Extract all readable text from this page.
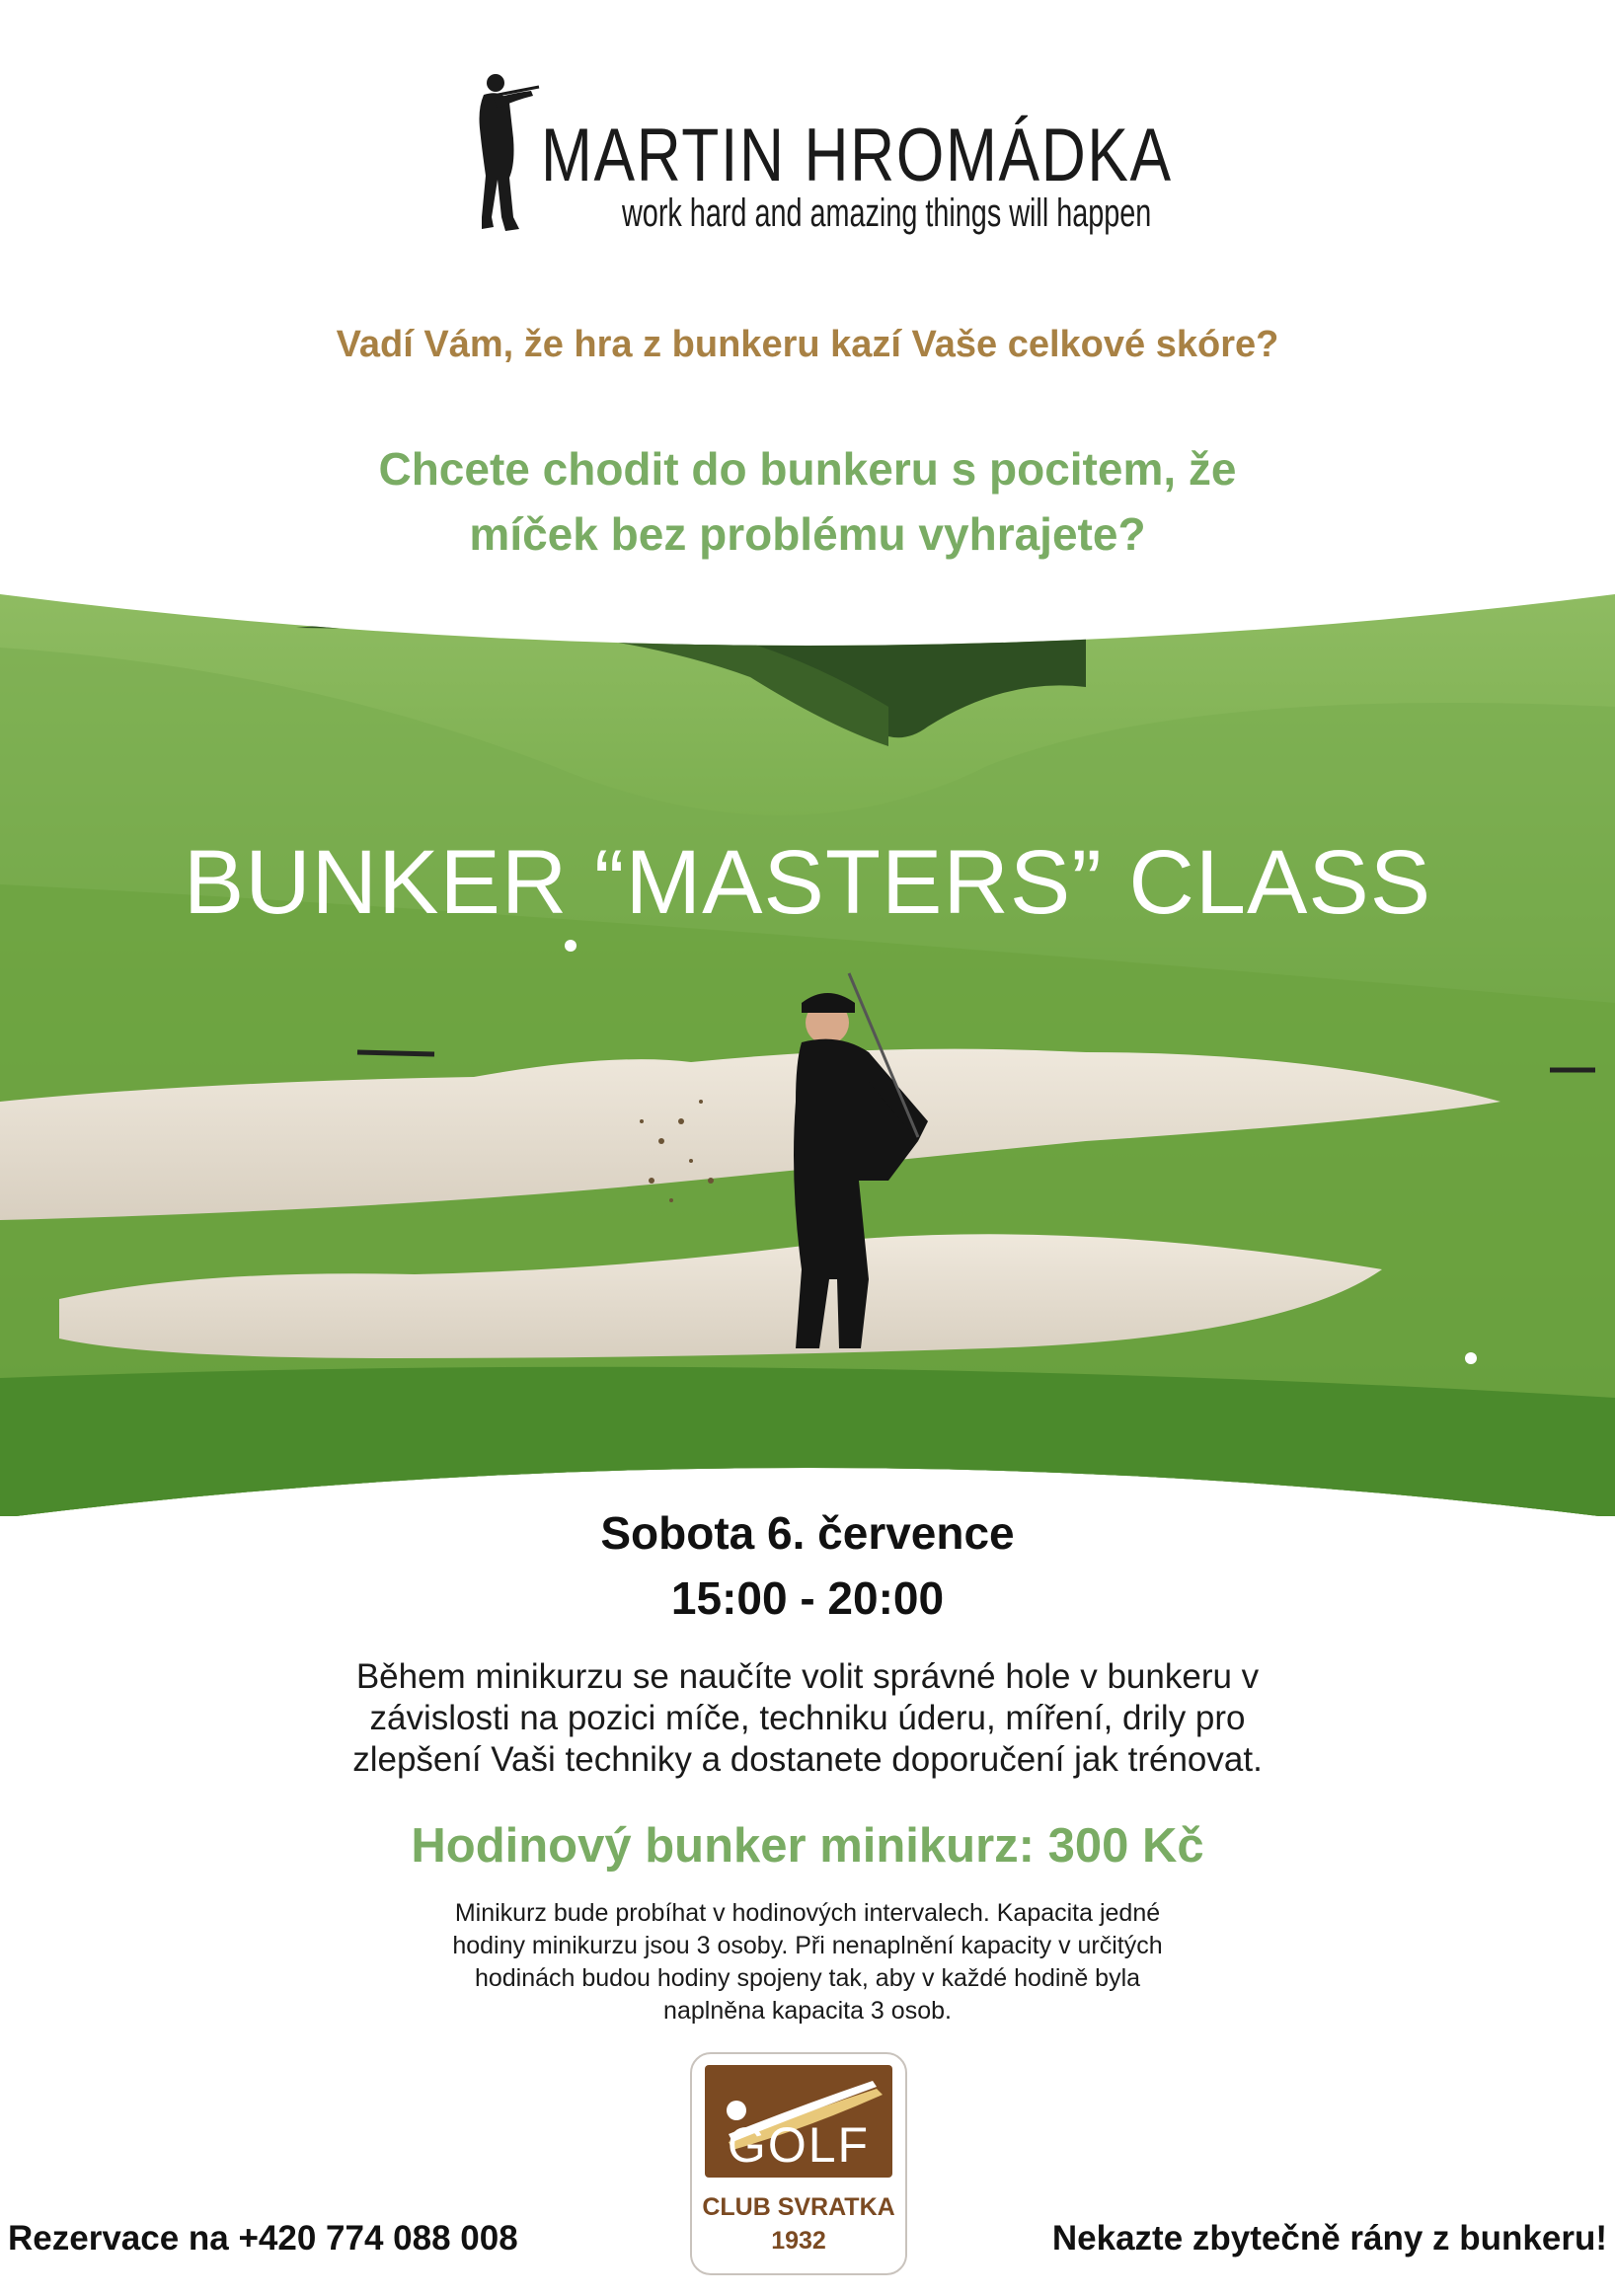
MARTIN HROMÁDKA
work hard and amazing things will happen
Vadí Vám, že hra z bunkeru kazí Vaše celkové skóre?
Chcete chodit do bunkeru s pocitem, že
míček bez problému vyhrajete?
BUNKER “MASTERS” CLASS
Sobota 6. července
15:00 - 20:00
Během minikurzu se naučíte volit správné hole v bunkeru v
závislosti na pozici míče, techniku úderu, míření, drily pro
zlepšení Vaši techniky a dostanete doporučení jak trénovat.
Hodinový bunker minikurz: 300 Kč
Minikurz bude probíhat v hodinových intervalech. Kapacita jedné
hodiny minikurzu jsou 3 osoby. Při nenaplnění kapacity v určitých
hodinách budou hodiny spojeny tak, aby v každé hodině byla
naplněna kapacita 3 osob.
GOLF
CLUB SVRATKA
1932
Rezervace na +420 774 088 008	Nekazte zbytečně rány z bunkeru!
